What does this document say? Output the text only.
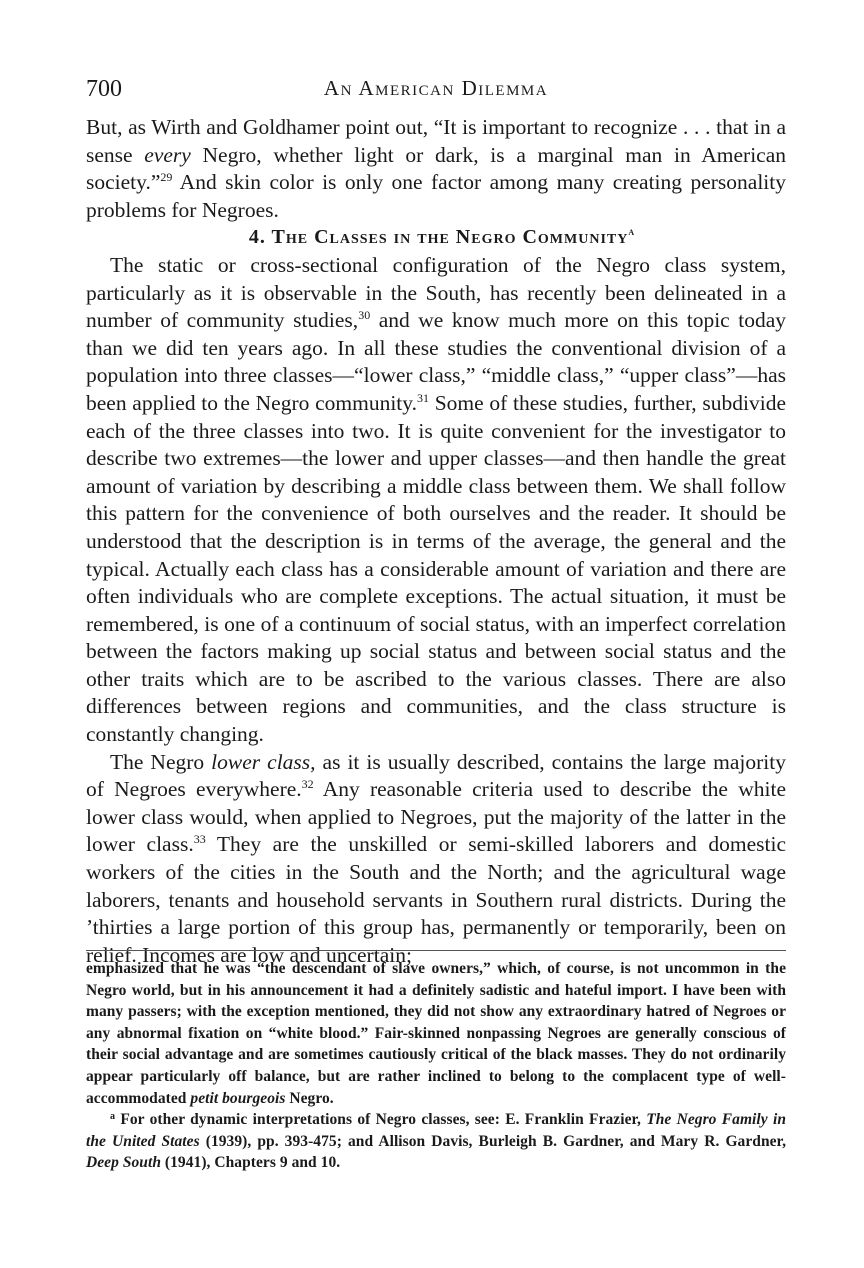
700	An American Dilemma

But, as Wirth and Goldhamer point out, “It is important to recognize . . . that in a sense every Negro, whether light or dark, is a marginal man in American society.”$^{29}$ And skin color is only one factor among many creating personality problems for Negroes.

4. The Classes in the Negro Community$^a$

The static or cross-sectional configuration of the Negro class system, particularly as it is observable in the South, has recently been delineated in a number of community studies,$^{30}$ and we know much more on this topic today than we did ten years ago. In all these studies the conventional division of a population into three classes—“lower class,” “middle class,” “upper class”—has been applied to the Negro community.$^{31}$ Some of these studies, further, subdivide each of the three classes into two. It is quite convenient for the investigator to describe two extremes—the lower and upper classes—and then handle the great amount of variation by describing a middle class between them. We shall follow this pattern for the convenience of both ourselves and the reader. It should be understood that the description is in terms of the average, the general and the typical. Actually each class has a considerable amount of variation and there are often individuals who are complete exceptions. The actual situation, it must be remembered, is one of a continuum of social status, with an imperfect correlation between the factors making up social status and between social status and the other traits which are to be ascribed to the various classes. There are also differences between regions and communities, and the class structure is constantly changing.

The Negro lower class, as it is usually described, contains the large majority of Negroes everywhere.$^{32}$ Any reasonable criteria used to describe the white lower class would, when applied to Negroes, put the majority of the latter in the lower class.$^{33}$ They are the unskilled or semi-skilled laborers and domestic workers of the cities in the South and the North; and the agricultural wage laborers, tenants and household servants in Southern rural districts. During the ’thirties a large portion of this group has, permanently or temporarily, been on relief. Incomes are low and uncertain;

emphasized that he was “the descendant of slave owners,” which, of course, is not uncommon in the Negro world, but in his announcement it had a definitely sadistic and hateful import. I have been with many passers; with the exception mentioned, they did not show any extraordinary hatred of Negroes or any abnormal fixation on “white blood.” Fair-skinned nonpassing Negroes are generally conscious of their social advantage and are sometimes cautiously critical of the black masses. They do not ordinarily appear particularly off balance, but are rather inclined to belong to the complacent type of well-accommodated petit bourgeois Negro.

$^a$ For other dynamic interpretations of Negro classes, see: E. Franklin Frazier, The Negro Family in the United States (1939), pp. 393-475; and Allison Davis, Burleigh B. Gardner, and Mary R. Gardner, Deep South (1941), Chapters 9 and 10.
